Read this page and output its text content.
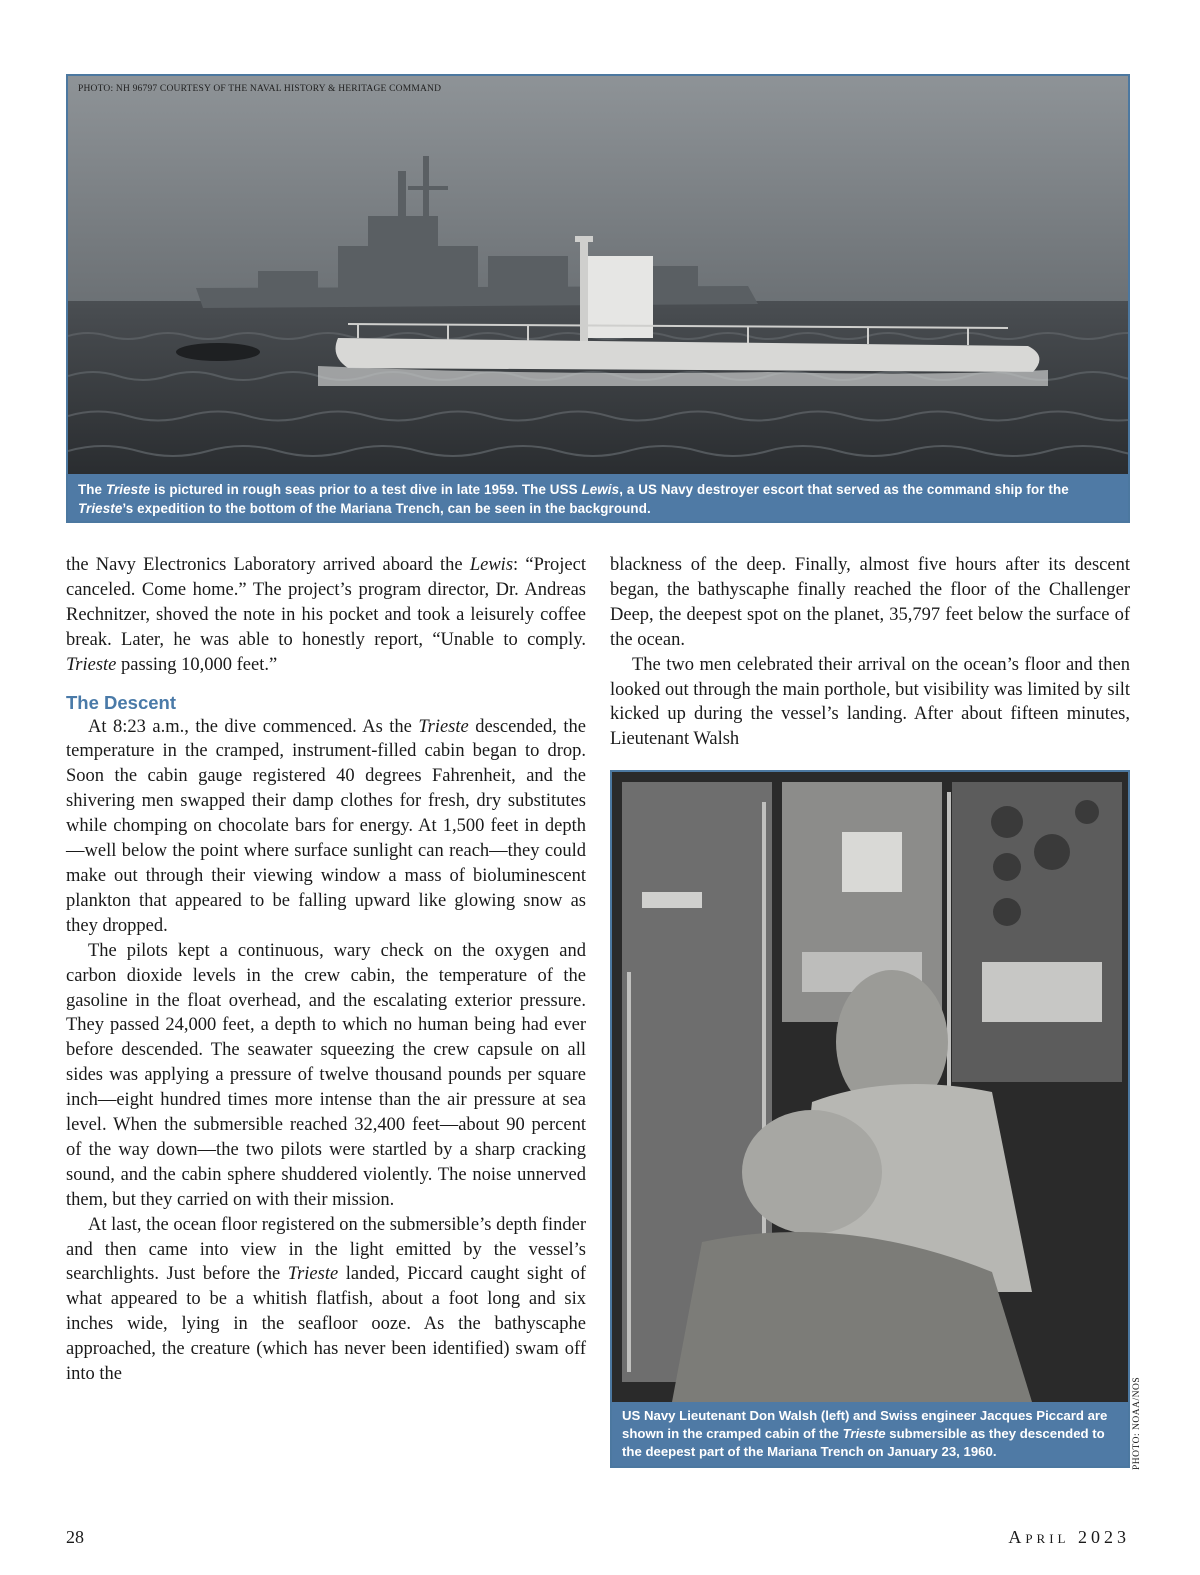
PHOTO: NH 96797 COURTESY OF THE NAVAL HISTORY & HERITAGE COMMAND
The Trieste is pictured in rough seas prior to a test dive in late 1959. The USS Lewis, a US Navy destroyer escort that served as the command ship for the Trieste’s expedition to the bottom of the Mariana Trench, can be seen in the background.

the Navy Electronics Laboratory arrived aboard the Lewis: “Project canceled. Come home.” The project’s program director, Dr. Andreas Rechnitzer, shoved the note in his pocket and took a leisurely coffee break. Later, he was able to honestly report, “Unable to comply. Trieste passing 10,000 feet.”

The Descent

At 8:23 a.m., the dive commenced. As the Trieste descended, the temperature in the cramped, instrument-filled cabin began to drop. Soon the cabin gauge registered 40 degrees Fahrenheit, and the shivering men swapped their damp clothes for fresh, dry substitutes while chomping on chocolate bars for energy. At 1,500 feet in depth—well below the point where surface sunlight can reach—they could make out through their viewing window a mass of bioluminescent plankton that appeared to be falling upward like glowing snow as they dropped.

The pilots kept a continuous, wary check on the oxygen and carbon dioxide levels in the crew cabin, the temperature of the gasoline in the float overhead, and the escalating exterior pressure. They passed 24,000 feet, a depth to which no human being had ever before descended. The seawater squeezing the crew capsule on all sides was applying a pressure of twelve thousand pounds per square inch—eight hundred times more intense than the air pressure at sea level. When the submersible reached 32,400 feet—about 90 percent of the way down—the two pilots were startled by a sharp cracking sound, and the cabin sphere shuddered violently. The noise unnerved them, but they carried on with their mission.

At last, the ocean floor registered on the submersible’s depth finder and then came into view in the light emitted by the vessel’s searchlights. Just before the Trieste landed, Piccard caught sight of what appeared to be a whitish flatfish, about a foot long and six inches wide, lying in the seafloor ooze. As the bathyscaphe approached, the creature (which has never been identified) swam off into the

blackness of the deep. Finally, almost five hours after its descent began, the bathyscaphe finally reached the floor of the Challenger Deep, the deepest spot on the planet, 35,797 feet below the surface of the ocean.

The two men celebrated their arrival on the ocean’s floor and then looked out through the main porthole, but visibility was limited by silt kicked up during the vessel’s landing. After about fifteen minutes, Lieutenant Walsh

US Navy Lieutenant Don Walsh (left) and Swiss engineer Jacques Piccard are shown in the cramped cabin of the Trieste submersible as they descended to the deepest part of the Mariana Trench on January 23, 1960.	PHOTO: NOAA/NOS
28	April 2023
